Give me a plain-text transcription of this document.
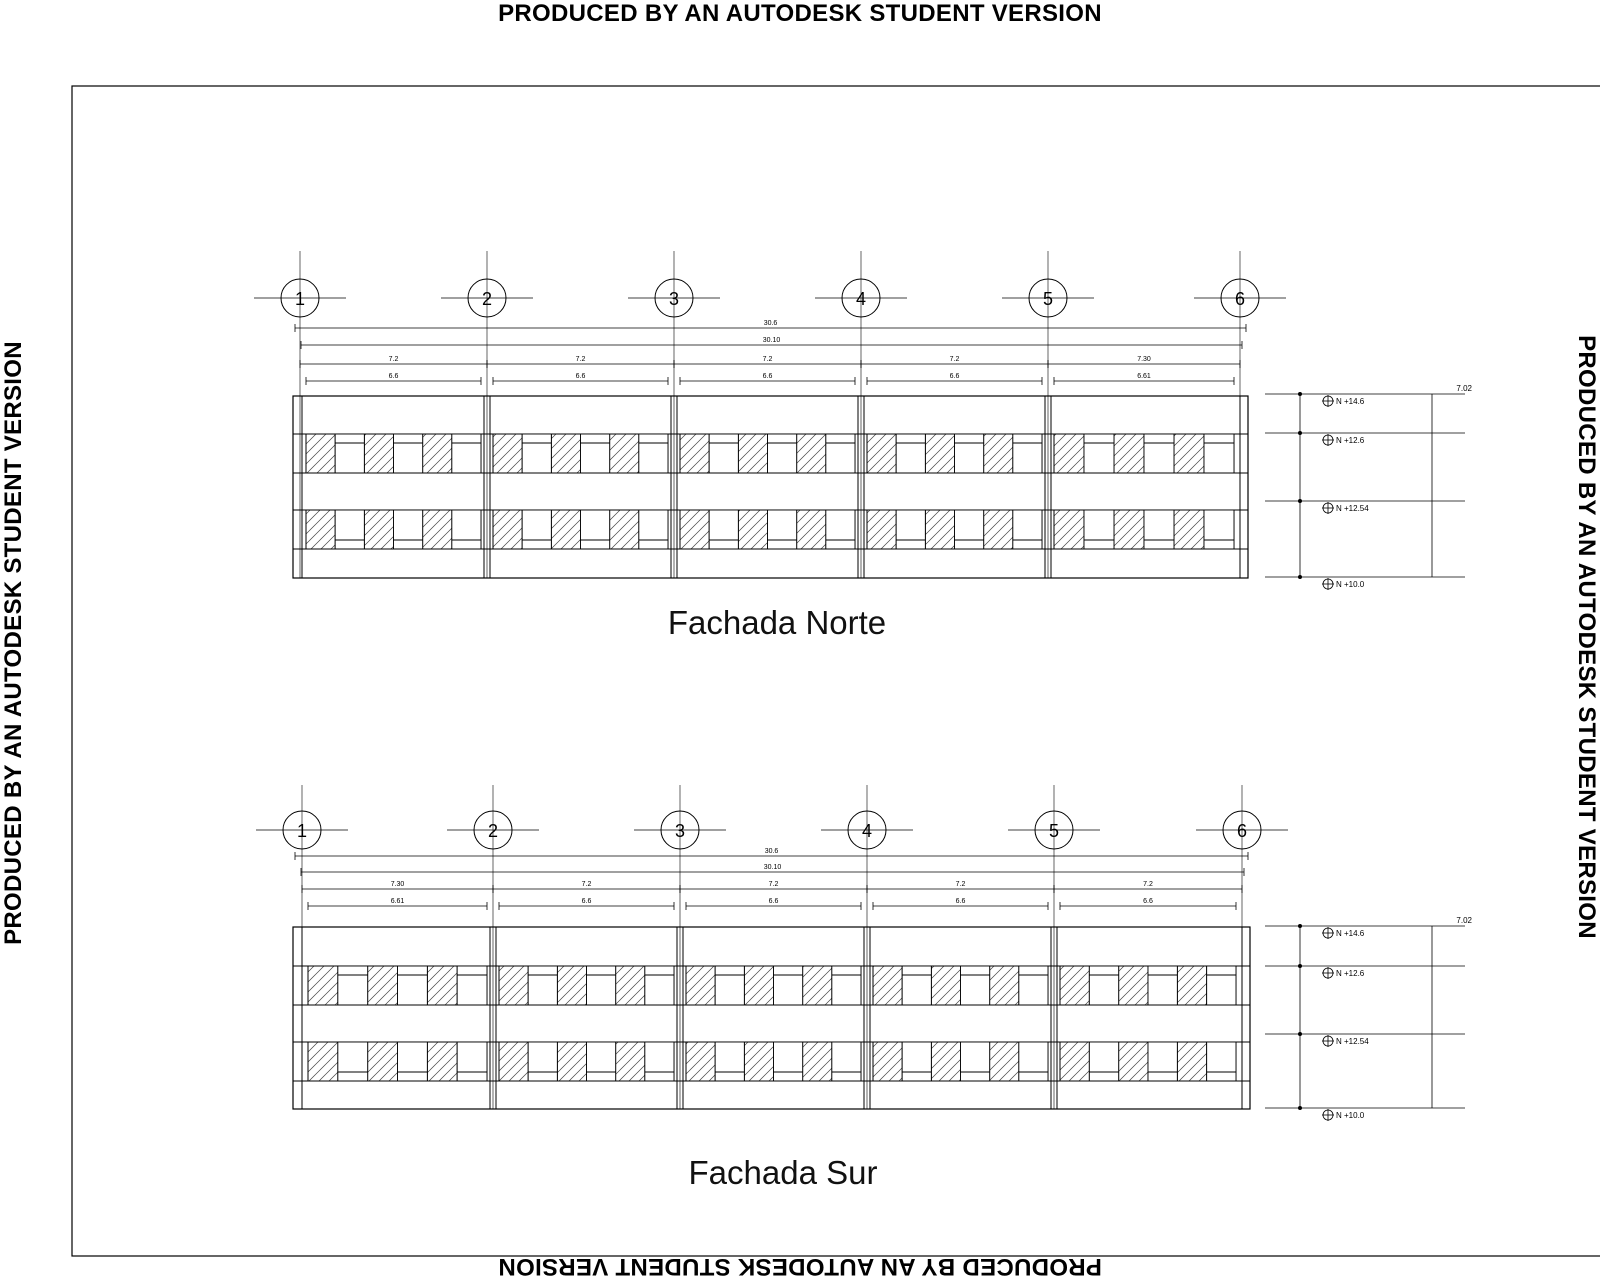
PRODUCED BY AN AUTODESK STUDENT VERSION
PRODUCED BY AN AUTODESK STUDENT VERSION
PRODUCED BY AN AUTODESK STUDENT VERSION	PRODUCED BY AN AUTODESK STUDENT VERSION
1	2	3	4	5	6
30.6
30.10
7.2
6.6
7.2
6.6
7.2
6.6
7.2
6.6
7.30
6.61
7.02
N +14.6
N +12.6
N +12.54
N +10.0
1	2	3	4	5	6
30.6
30.10
7.30
6.61
7.2
6.6
7.2
6.6
7.2
6.6
7.2
6.6
7.02
N +14.6
N +12.6
N +12.54
N +10.0
Fachada Norte
Fachada Sur
